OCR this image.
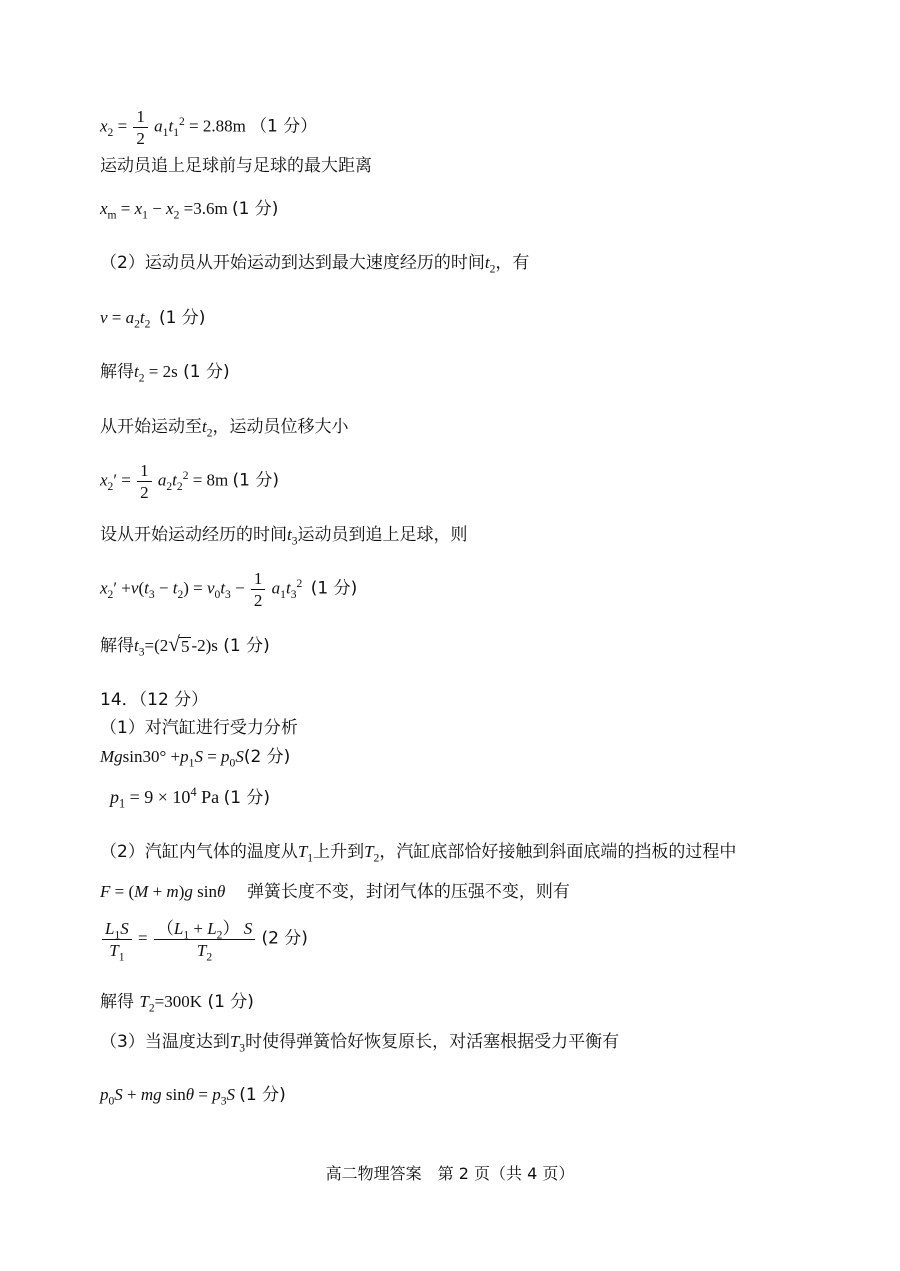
$x_2 = \frac{1}{2} a_1t_1^2 = 2.88m$ （1 分）
运动员追上足球前与足球的最大距离
$x_m = x_1 - x_2 =3.6m$ (1 分)
（2）运动员从开始运动到达到最大速度经历的时间$t_2$，有
$v = a_2t_2$ (1 分)
解得$t_2 = 2s$ (1 分)
从开始运动至$t_2$，运动员位移大小
$x_2' = \frac{1}{2} a_2t_2^2 = 8m$ (1 分)
设从开始运动经历的时间$t_3$运动员到追上足球，则
$x_2' +v(t_3 - t_2) = v_0t_3 - \frac{1}{2} a_1t_3^2$ (1 分)
解得$t_3=(2$ √ 5 -2)s (1 分)
14．（12 分）
（1）对汽缸进行受力分析
$Mgsin30^\circ +p_1S = p_0S(2$ 分)
$p_1 = 9 \times 10^4$ Pa (1 分)
（2）汽缸内气体的温度从$T_1$上升到$T_2$，汽缸底部恰好接触到斜面底端的挡板的过程中
F = (M + m)g sinθ 弹簧长度不变，封闭气体的压强不变，则有
$\frac{L_1S}{T_1} = \frac{(L_1 + L_2) S}{T_2} (2$ 分)
解得 $T_2=300K$ (1 分)
（3）当温度达到$T_3$时使得弹簧恰好恢复原长，对活塞根据受力平衡有
$p_0S$ + mg $\sin\theta = p_3S$ (1 分)
高二物理答案　第 2 页（共 4 页）
